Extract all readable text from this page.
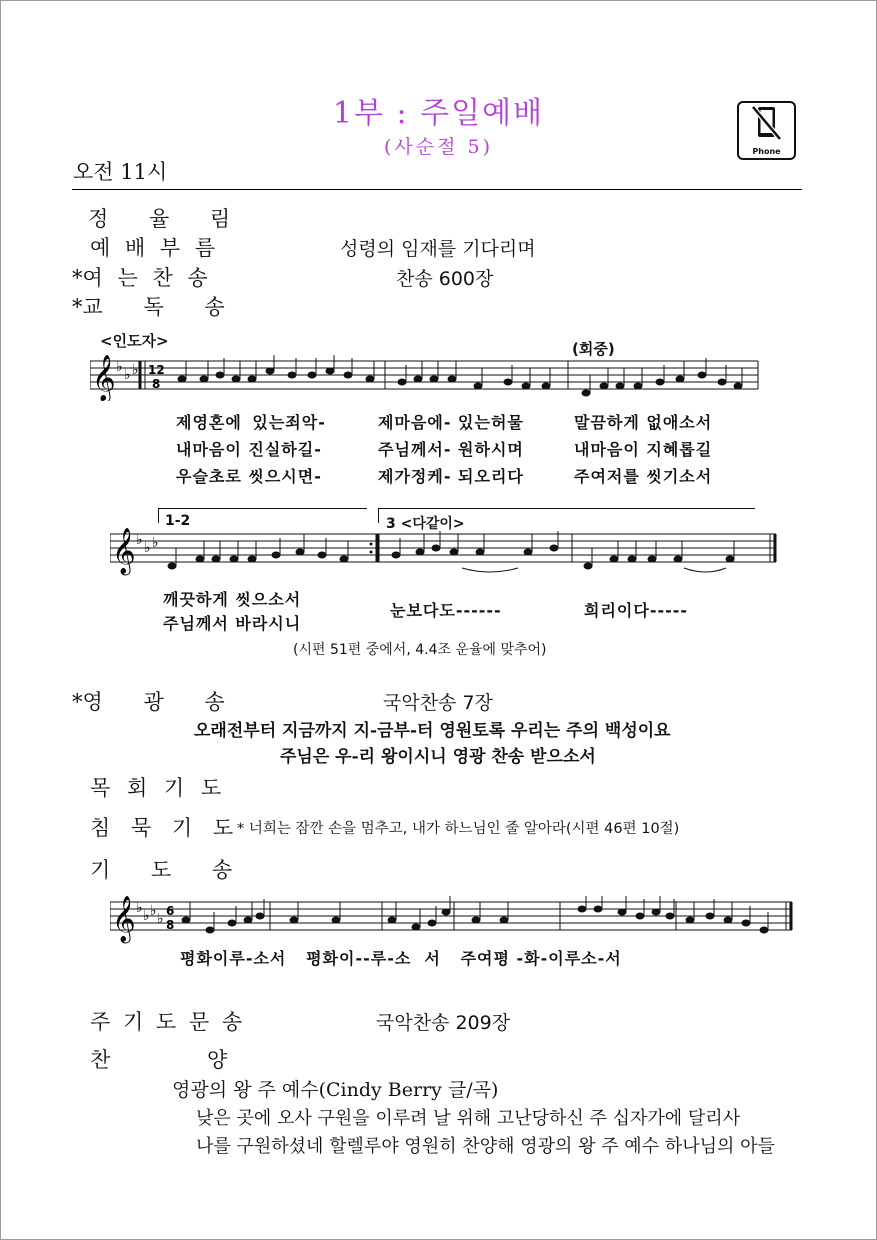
1부 : 주일예배
(사순절 5)
오전 11시
Phone
정 율 림
예 배 부 름	성령의 임재를 기다리며
*여 는 찬 송	찬송 600장
*교 독 송
<인도자>	(회중)
𝄞 ♭ ♭ ♭ 12
8
제영혼에 있는죄악-	제마음에- 있는허물	말끔하게 없애소서
내마음이 진실하길-	주님께서- 원하시며	내마음이 지혜롭길
우슬초로 씻으시면-	제가정케- 되오리다	주여저를 씻기소서
1-2	3 <다같이>
𝄞 ♭ ♭ ♭
깨끗하게 씻으소서
주님께서 바라시니
눈보다도------	희리이다-----
(시편 51편 중에서, 4.4조 운율에 맞추어)
*영 광 송	국악찬송 7장
오래전부터 지금까지 지-금부-터 영원토록 우리는 주의 백성이요
주님은 우-리 왕이시니 영광 찬송 받으소서
목 회 기 도
침 묵 기 도 * 너희는 잠깐 손을 멈추고, 내가 하느님인 줄 알아라(시편 46편 10절)
기 도 송
𝄞 ♭ ♭ ♭ ♭ 6
8
평화이루-소서   평화이--루-소  서   주여평 -화-이루소-서
주 기 도 문 송	국악찬송 209장
찬 양
영광의 왕 주 예수(Cindy Berry 글/곡)
낮은 곳에 오사 구원을 이루려 날 위해 고난당하신 주 십자가에 달리사
나를 구원하셨네 할렐루야 영원히 찬양해 영광의 왕 주 예수 하나님의 아들
